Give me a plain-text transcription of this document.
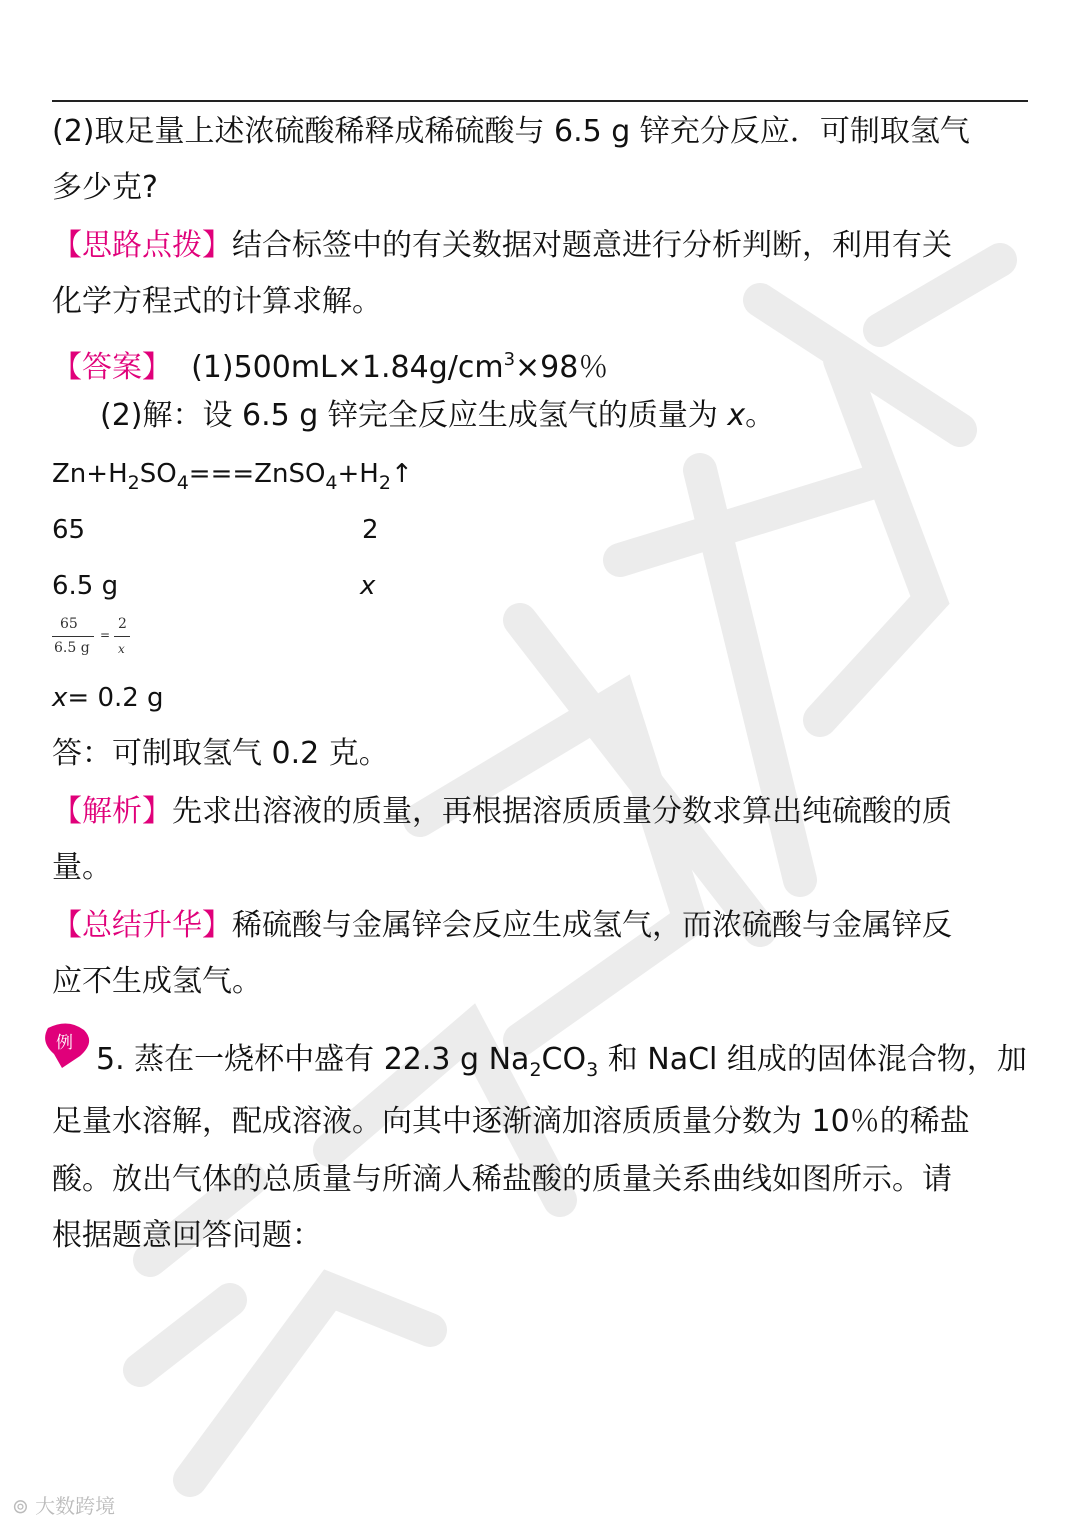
(2)取足量上述浓硫酸稀释成稀硫酸与 6.5 g 锌充分反应．可制取氢气
多少克?
【思路点拨】结合标签中的有关数据对题意进行分析判断，利用有关
化学方程式的计算求解。
【答案】 $(1)500mL\times 1.84g/cm^3\times 98$％
(2)解：设 6.5 g 锌完全反应生成氢气的质量为 x。
$Zn+H_2SO_4===ZnSO_4+H_2↑$
65	2
6.5 g	x
65
6.5 g
=
2
x
x= 0.2 g
答：可制取氢气 0.2 克。
【解析】先求出溶液的质量，再根据溶质质量分数求算出纯硫酸的质
量。
【总结升华】稀硫酸与金属锌会反应生成氢气，而浓硫酸与金属锌反
应不生成氢气。
例 5. 蒸在一烧杯中盛有 22.3 g $Na_2CO_3$ 和 NaCl 组成的固体混合物，加
足量水溶解，配成溶液。向其中逐渐滴加溶质质量分数为 10％的稀盐
酸。放出气体的总质量与所滴人稀盐酸的质量关系曲线如图所示。请
根据题意回答问题：
⊚ 大数跨境
